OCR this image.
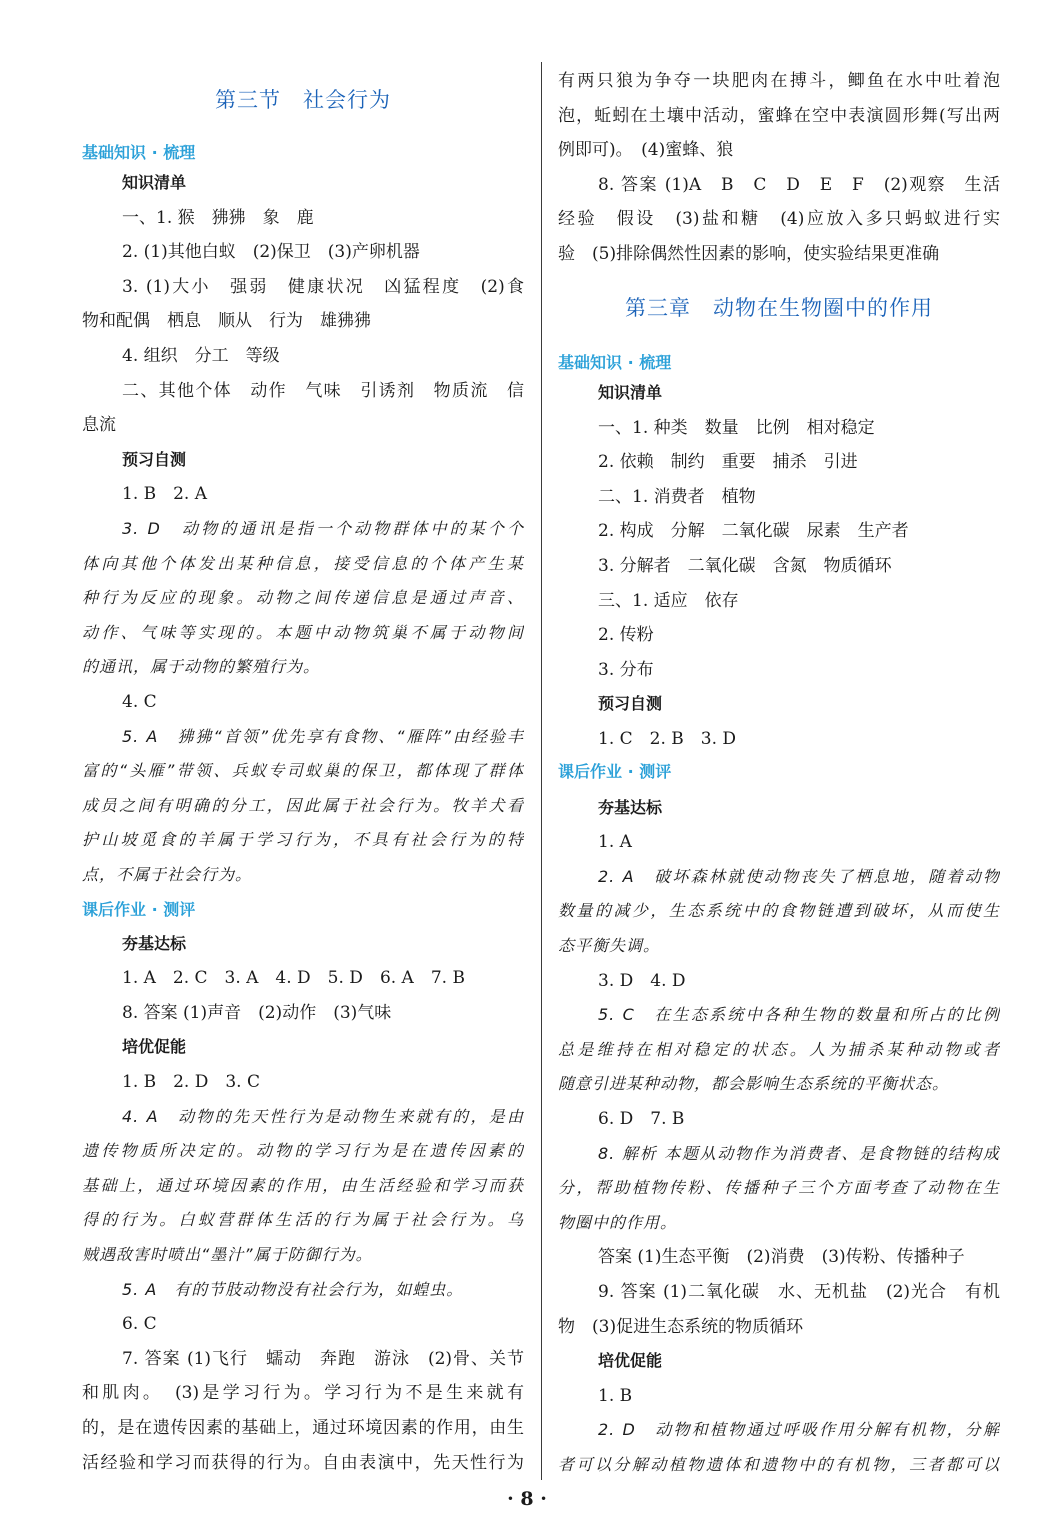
第三节　社会行为
基础知识 · 梳理
知识清单
一、1. 猴　狒狒　象　鹿
2. (1)其他白蚁　(2)保卫　(3)产卵机器
3. (1)大小　强弱　健康状况　凶猛程度　(2)食
物和配偶　栖息　顺从　行为　雄狒狒
4. 组织　分工　等级
二、其他个体　动作　气味　引诱剂　物质流　信
息流
预习自测
1. B　2. A
3. D　动物的通讯是指一个动物群体中的某个个
体向其他个体发出某种信息，接受信息的个体产生某
种行为反应的现象。动物之间传递信息是通过声音、
动作、气味等实现的。本题中动物筑巢不属于动物间
的通讯，属于动物的繁殖行为。
4. C
5. A　狒狒“首领”优先享有食物、“雁阵”由经验丰
富的“头雁”带领、兵蚁专司蚁巢的保卫，都体现了群体
成员之间有明确的分工，因此属于社会行为。牧羊犬看
护山坡觅食的羊属于学习行为，不具有社会行为的特
点，不属于社会行为。
课后作业 · 测评
夯基达标
1. A　2. C　3. A　4. D　5. D　6. A　7. B
8. 答案 (1)声音　(2)动作　(3)气味
培优促能
1. B　2. D　3. C
4. A　动物的先天性行为是动物生来就有的，是由
遗传物质所决定的。动物的学习行为是在遗传因素的
基础上，通过环境因素的作用，由生活经验和学习而获
得的行为。白蚁营群体生活的行为属于社会行为。乌
贼遇敌害时喷出“墨汁”属于防御行为。
5. A　有的节肢动物没有社会行为，如蝗虫。
6. C
7. 答案 (1)飞行　蠕动　奔跑　游泳　(2)骨、关节
和肌肉。　(3)是学习行为。学习行为不是生来就有
的，是在遗传因素的基础上，通过环境因素的作用，由生
活经验和学习而获得的行为。自由表演中，先天性行为
有两只狼为争夺一块肥肉在搏斗，鲫鱼在水中吐着泡
泡，蚯蚓在土壤中活动，蜜蜂在空中表演圆形舞(写出两
例即可)。　(4)蜜蜂、狼
8. 答案 (1)A　B　C　D　E　F　(2)观察　生活
经验　假设　(3)盐和糖　(4)应放入多只蚂蚁进行实
验　(5)排除偶然性因素的影响，使实验结果更准确
第三章　动物在生物圈中的作用
基础知识 · 梳理
知识清单
一、1. 种类　数量　比例　相对稳定
2. 依赖　制约　重要　捕杀　引进
二、1. 消费者　植物
2. 构成　分解　二氧化碳　尿素　生产者
3. 分解者　二氧化碳　含氮　物质循环
三、1. 适应　依存
2. 传粉
3. 分布
预习自测
1. C　2. B　3. D
课后作业 · 测评
夯基达标
1. A
2. A　破坏森林就使动物丧失了栖息地，随着动物
数量的减少，生态系统中的食物链遭到破坏，从而使生
态平衡失调。
3. D　4. D
5. C　在生态系统中各种生物的数量和所占的比例
总是维持在相对稳定的状态。人为捕杀某种动物或者
随意引进某种动物，都会影响生态系统的平衡状态。
6. D　7. B
8. 解析 本题从动物作为消费者、是食物链的结构成
分，帮助植物传粉、传播种子三个方面考查了动物在生
物圈中的作用。
答案 (1)生态平衡　(2)消费　(3)传粉、传播种子
9. 答案 (1)二氧化碳　水、无机盐　(2)光合　有机
物　(3)促进生态系统的物质循环
培优促能
1. B
2. D　动物和植物通过呼吸作用分解有机物，分解
者可以分解动植物遗体和遗物中的有机物，三者都可以
· 8 ·
